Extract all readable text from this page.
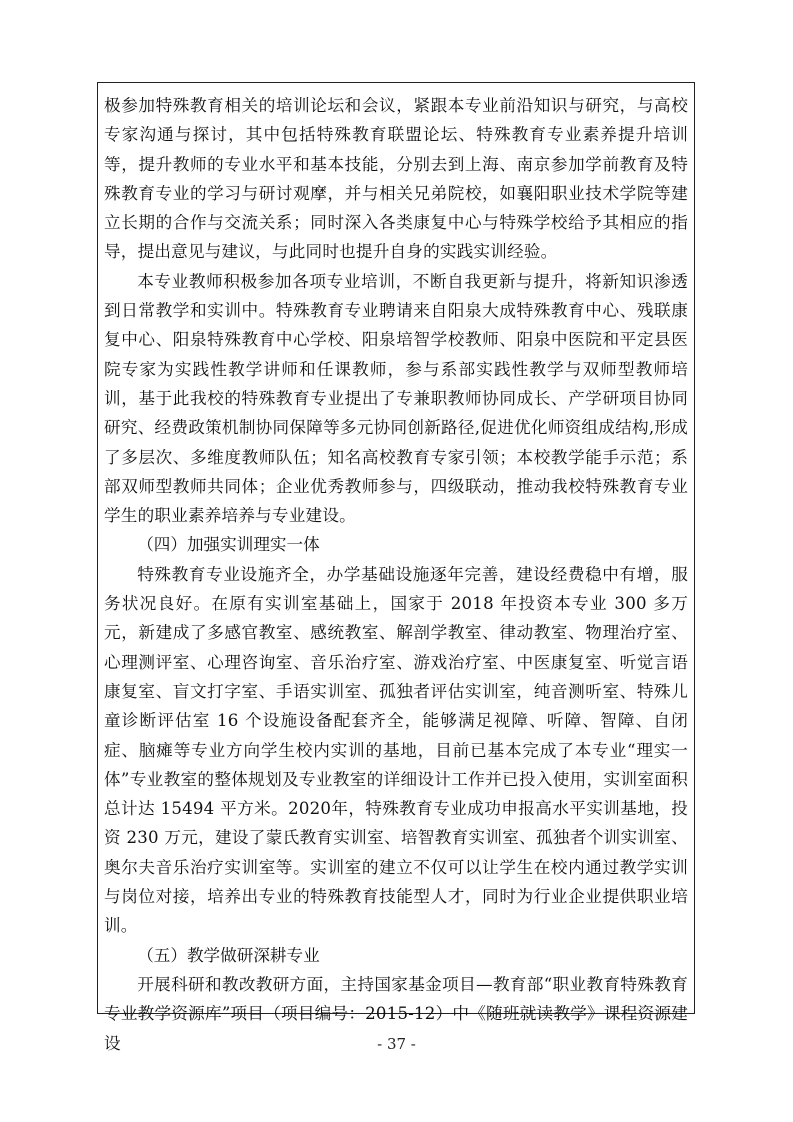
极参加特殊教育相关的培训论坛和会议，紧跟本专业前沿知识与研究，与高校专家沟通与探讨，其中包括特殊教育联盟论坛、特殊教育专业素养提升培训等，提升教师的专业水平和基本技能，分别去到上海、南京参加学前教育及特殊教育专业的学习与研讨观摩，并与相关兄弟院校，如襄阳职业技术学院等建立长期的合作与交流关系；同时深入各类康复中心与特殊学校给予其相应的指导，提出意见与建议，与此同时也提升自身的实践实训经验。

本专业教师积极参加各项专业培训，不断自我更新与提升，将新知识渗透到日常教学和实训中。特殊教育专业聘请来自阳泉大成特殊教育中心、残联康复中心、阳泉特殊教育中心学校、阳泉培智学校教师、阳泉中医院和平定县医院专家为实践性教学讲师和任课教师，参与系部实践性教学与双师型教师培训，基于此我校的特殊教育专业提出了专兼职教师协同成长、产学研项目协同研究、经费政策机制协同保障等多元协同创新路径,促进优化师资组成结构,形成了多层次、多维度教师队伍；知名高校教育专家引领；本校教学能手示范；系部双师型教师共同体；企业优秀教师参与，四级联动，推动我校特殊教育专业学生的职业素养培养与专业建设。

（四）加强实训理实一体

特殊教育专业设施齐全，办学基础设施逐年完善，建设经费稳中有增，服务状况良好。在原有实训室基础上，国家于 2018 年投资本专业 300 多万元，新建成了多感官教室、感统教室、解剖学教室、律动教室、物理治疗室、心理测评室、心理咨询室、音乐治疗室、游戏治疗室、中医康复室、听觉言语康复室、盲文打字室、手语实训室、孤独者评估实训室，纯音测听室、特殊儿童诊断评估室 16 个设施设备配套齐全，能够满足视障、听障、智障、自闭症、脑瘫等专业方向学生校内实训的基地，目前已基本完成了本专业“理实一体”专业教室的整体规划及专业教室的详细设计工作并已投入使用，实训室面积总计达 15494 平方米。2020年，特殊教育专业成功申报高水平实训基地，投资 230 万元，建设了蒙氏教育实训室、培智教育实训室、孤独者个训实训室、奥尔夫音乐治疗实训室等。实训室的建立不仅可以让学生在校内通过教学实训与岗位对接，培养出专业的特殊教育技能型人才，同时为行业企业提供职业培训。

（五）教学做研深耕专业

开展科研和教改教研方面，主持国家基金项目—教育部“职业教育特殊教育专业教学资源库”项目（项目编号：2015-12）中《随班就读教学》课程资源建设	- 37 -
